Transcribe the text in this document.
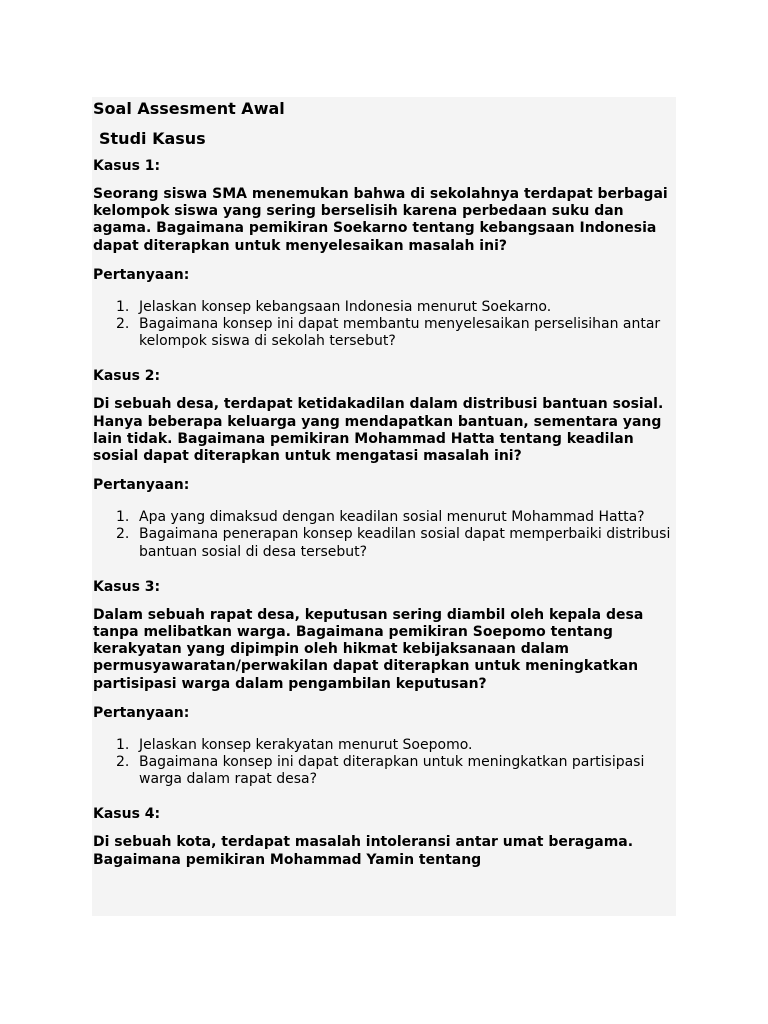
Soal Assesment Awal
Studi Kasus
Kasus 1:
Seorang siswa SMA menemukan bahwa di sekolahnya terdapat berbagai kelompok siswa yang sering berselisih karena perbedaan suku dan agama. Bagaimana pemikiran Soekarno tentang kebangsaan Indonesia dapat diterapkan untuk menyelesaikan masalah ini?
Pertanyaan:
1. Jelaskan konsep kebangsaan Indonesia menurut Soekarno.
2. Bagaimana konsep ini dapat membantu menyelesaikan perselisihan antar kelompok siswa di sekolah tersebut?
Kasus 2:
Di sebuah desa, terdapat ketidakadilan dalam distribusi bantuan sosial. Hanya beberapa keluarga yang mendapatkan bantuan, sementara yang lain tidak. Bagaimana pemikiran Mohammad Hatta tentang keadilan sosial dapat diterapkan untuk mengatasi masalah ini?
Pertanyaan:
1. Apa yang dimaksud dengan keadilan sosial menurut Mohammad Hatta?
2. Bagaimana penerapan konsep keadilan sosial dapat memperbaiki distribusi bantuan sosial di desa tersebut?
Kasus 3:
Dalam sebuah rapat desa, keputusan sering diambil oleh kepala desa tanpa melibatkan warga. Bagaimana pemikiran Soepomo tentang kerakyatan yang dipimpin oleh hikmat kebijaksanaan dalam permusyawaratan/perwakilan dapat diterapkan untuk meningkatkan partisipasi warga dalam pengambilan keputusan?
Pertanyaan:
1. Jelaskan konsep kerakyatan menurut Soepomo.
2. Bagaimana konsep ini dapat diterapkan untuk meningkatkan partisipasi warga dalam rapat desa?
Kasus 4:
Di sebuah kota, terdapat masalah intoleransi antar umat beragama. Bagaimana pemikiran Mohammad Yamin tentang
